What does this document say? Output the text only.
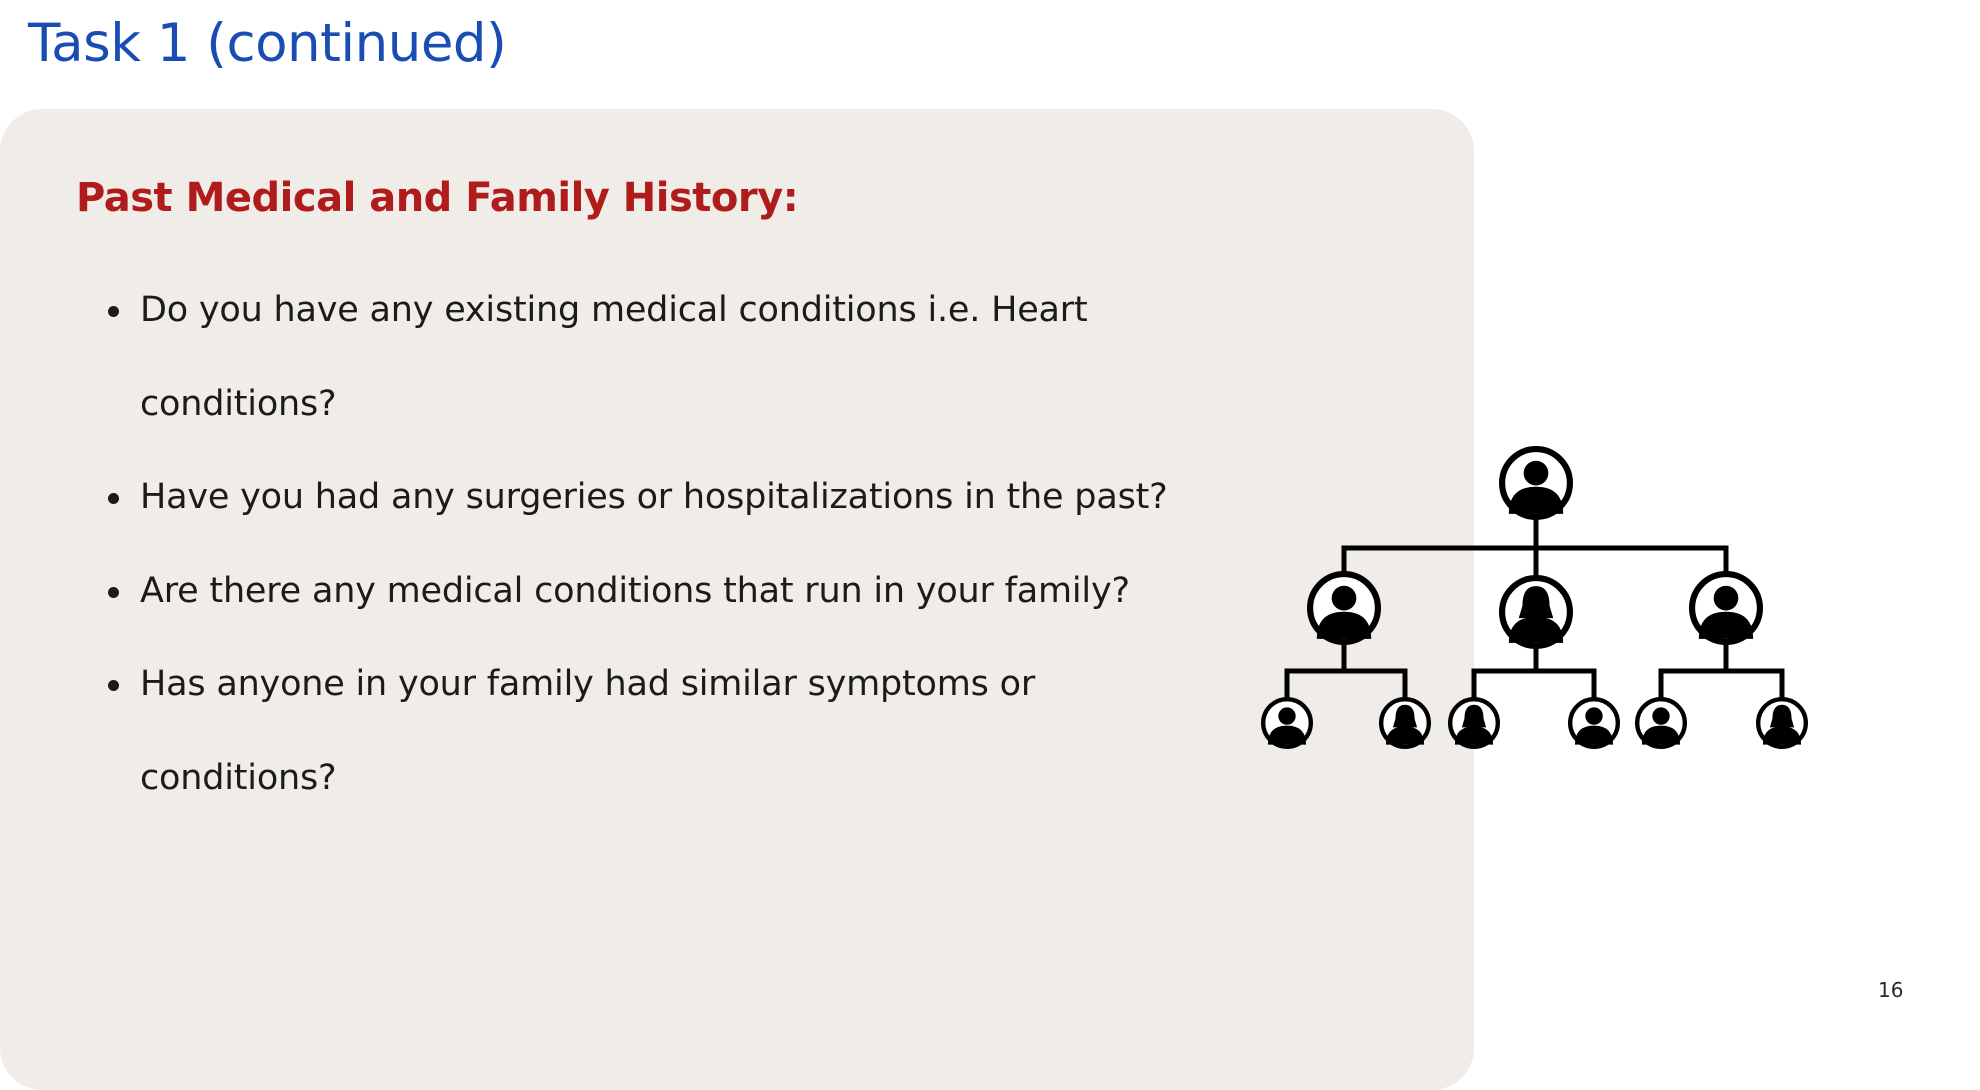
Task 1 (continued)
Past Medical and Family History:
Do you have any existing medical conditions i.e. Heart conditions?
Have you had any surgeries or hospitalizations in the past?
Are there any medical conditions that run in your family?
Has anyone in your family had similar symptoms or conditions?
16
